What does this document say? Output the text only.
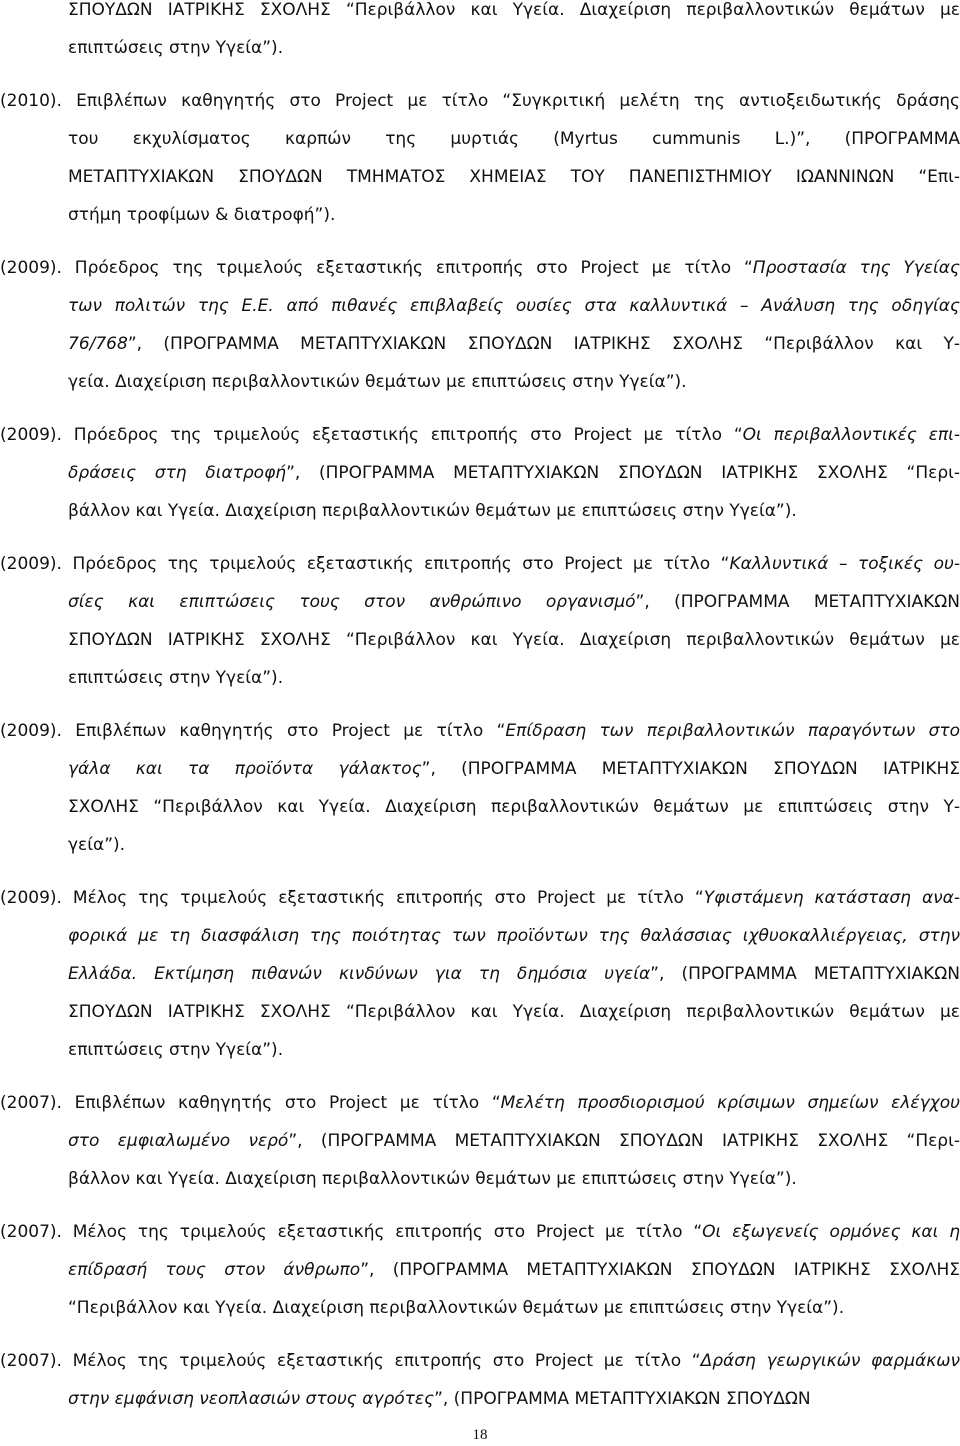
ΣΠΟΥΔΩΝ ΙΑΤΡΙΚΗΣ ΣΧΟΛΗΣ “Περιβάλλον και Υγεία. Διαχείριση περιβαλλοντικών θεμάτων με
επιπτώσεις στην Υγεία”).
(2010). Επιβλέπων καθηγητής στο Project με τίτλο “Συγκριτική μελέτη της αντιοξειδωτικής δράσης
του εκχυλίσματος καρπών της μυρτιάς (Myrtus cummunis L.)”, (ΠΡΟΓΡΑΜΜΑ
ΜΕΤΑΠΤΥΧΙΑΚΩΝ ΣΠΟΥΔΩΝ ΤΜΗΜΑΤΟΣ ΧΗΜΕΙΑΣ ΤΟΥ ΠΑΝΕΠΙΣΤΗΜΙΟΥ ΙΩΑΝΝΙΝΩΝ “Επι-
στήμη τροφίμων & διατροφή”).
(2009). Πρόεδρος της τριμελούς εξεταστικής επιτροπής στο Project με τίτλο “Προστασία της Υγείας
των πολιτών της Ε.Ε. από πιθανές επιβλαβείς ουσίες στα καλλυντικά – Ανάλυση της οδηγίας
76/768”, (ΠΡΟΓΡΑΜΜΑ ΜΕΤΑΠΤΥΧΙΑΚΩΝ ΣΠΟΥΔΩΝ ΙΑΤΡΙΚΗΣ ΣΧΟΛΗΣ “Περιβάλλον και Υ-
γεία. Διαχείριση περιβαλλοντικών θεμάτων με επιπτώσεις στην Υγεία”).
(2009). Πρόεδρος της τριμελούς εξεταστικής επιτροπής στο Project με τίτλο “Οι περιβαλλοντικές επι-
δράσεις στη διατροφή”, (ΠΡΟΓΡΑΜΜΑ ΜΕΤΑΠΤΥΧΙΑΚΩΝ ΣΠΟΥΔΩΝ ΙΑΤΡΙΚΗΣ ΣΧΟΛΗΣ “Περι-
βάλλον και Υγεία. Διαχείριση περιβαλλοντικών θεμάτων με επιπτώσεις στην Υγεία”).
(2009). Πρόεδρος της τριμελούς εξεταστικής επιτροπής στο Project με τίτλο “Καλλυντικά – τοξικές ου-
σίες και επιπτώσεις τους στον ανθρώπινο οργανισμό”, (ΠΡΟΓΡΑΜΜΑ ΜΕΤΑΠΤΥΧΙΑΚΩΝ
ΣΠΟΥΔΩΝ ΙΑΤΡΙΚΗΣ ΣΧΟΛΗΣ “Περιβάλλον και Υγεία. Διαχείριση περιβαλλοντικών θεμάτων με
επιπτώσεις στην Υγεία”).
(2009). Επιβλέπων καθηγητής στο Project με τίτλο “Επίδραση των περιβαλλοντικών παραγόντων στο
γάλα και τα προϊόντα γάλακτος”, (ΠΡΟΓΡΑΜΜΑ ΜΕΤΑΠΤΥΧΙΑΚΩΝ ΣΠΟΥΔΩΝ ΙΑΤΡΙΚΗΣ
ΣΧΟΛΗΣ “Περιβάλλον και Υγεία. Διαχείριση περιβαλλοντικών θεμάτων με επιπτώσεις στην Υ-
γεία”).
(2009). Μέλος της τριμελούς εξεταστικής επιτροπής στο Project με τίτλο “Υφιστάμενη κατάσταση ανα-
φορικά με τη διασφάλιση της ποιότητας των προϊόντων της θαλάσσιας ιχθυοκαλλιέργειας, στην
Ελλάδα. Εκτίμηση πιθανών κινδύνων για τη δημόσια υγεία”, (ΠΡΟΓΡΑΜΜΑ ΜΕΤΑΠΤΥΧΙΑΚΩΝ
ΣΠΟΥΔΩΝ ΙΑΤΡΙΚΗΣ ΣΧΟΛΗΣ “Περιβάλλον και Υγεία. Διαχείριση περιβαλλοντικών θεμάτων με
επιπτώσεις στην Υγεία”).
(2007). Επιβλέπων καθηγητής στο Project με τίτλο “Μελέτη προσδιορισμού κρίσιμων σημείων ελέγχου
στο εμφιαλωμένο νερό”, (ΠΡΟΓΡΑΜΜΑ ΜΕΤΑΠΤΥΧΙΑΚΩΝ ΣΠΟΥΔΩΝ ΙΑΤΡΙΚΗΣ ΣΧΟΛΗΣ “Περι-
βάλλον και Υγεία. Διαχείριση περιβαλλοντικών θεμάτων με επιπτώσεις στην Υγεία”).
(2007). Μέλος της τριμελούς εξεταστικής επιτροπής στο Project με τίτλο “Οι εξωγενείς ορμόνες και η
επίδρασή τους στον άνθρωπο”, (ΠΡΟΓΡΑΜΜΑ ΜΕΤΑΠΤΥΧΙΑΚΩΝ ΣΠΟΥΔΩΝ ΙΑΤΡΙΚΗΣ ΣΧΟΛΗΣ
“Περιβάλλον και Υγεία. Διαχείριση περιβαλλοντικών θεμάτων με επιπτώσεις στην Υγεία”).
(2007). Μέλος της τριμελούς εξεταστικής επιτροπής στο Project με τίτλο “Δράση γεωργικών φαρμάκων
στην εμφάνιση νεοπλασιών στους αγρότες”, (ΠΡΟΓΡΑΜΜΑ ΜΕΤΑΠΤΥΧΙΑΚΩΝ ΣΠΟΥΔΩΝ
18
